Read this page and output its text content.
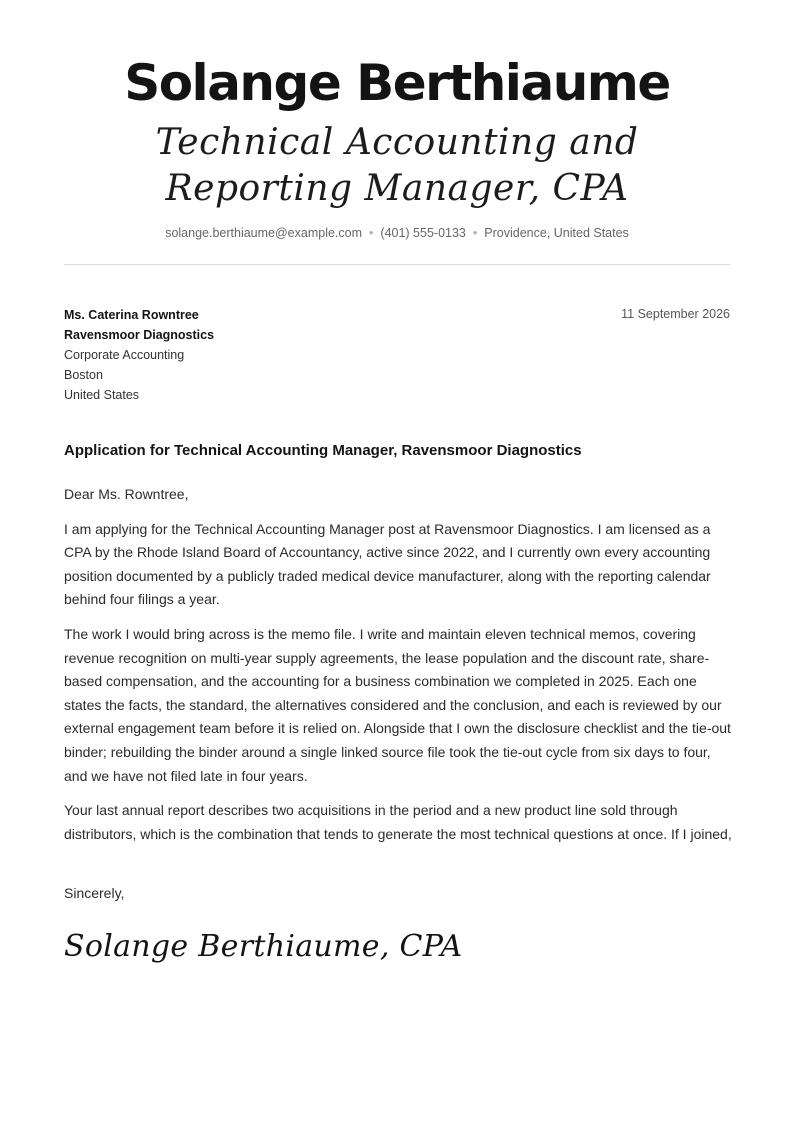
Solange Berthiaume
Technical Accounting and Reporting Manager, CPA
solange.berthiaume@example.com • (401) 555-0133 • Providence, United States
Ms. Caterina Rowntree
Ravensmoor Diagnostics
Corporate Accounting
Boston
United States
11 September 2026
Application for Technical Accounting Manager, Ravensmoor Diagnostics

Dear Ms. Rowntree,

I am applying for the Technical Accounting Manager post at Ravensmoor Diagnostics. I am licensed as a CPA by the Rhode Island Board of Accountancy, active since 2022, and I currently own every accounting position documented by a publicly traded medical device manufacturer, along with the reporting calendar behind four filings a year.

The work I would bring across is the memo file. I write and maintain eleven technical memos, covering revenue recognition on multi-year supply agreements, the lease population and the discount rate, share-based compensation, and the accounting for a business combination we completed in 2025. Each one states the facts, the standard, the alternatives considered and the conclusion, and each is reviewed by our external engagement team before it is relied on. Alongside that I own the disclosure checklist and the tie-out binder; rebuilding the binder around a single linked source file took the tie-out cycle from six days to four, and we have not filed late in four years.

Your last annual report describes two acquisitions in the period and a new product line sold through distributors, which is the combination that tends to generate the most technical questions at once. If I joined,

Sincerely,
Solange Berthiaume, CPA
